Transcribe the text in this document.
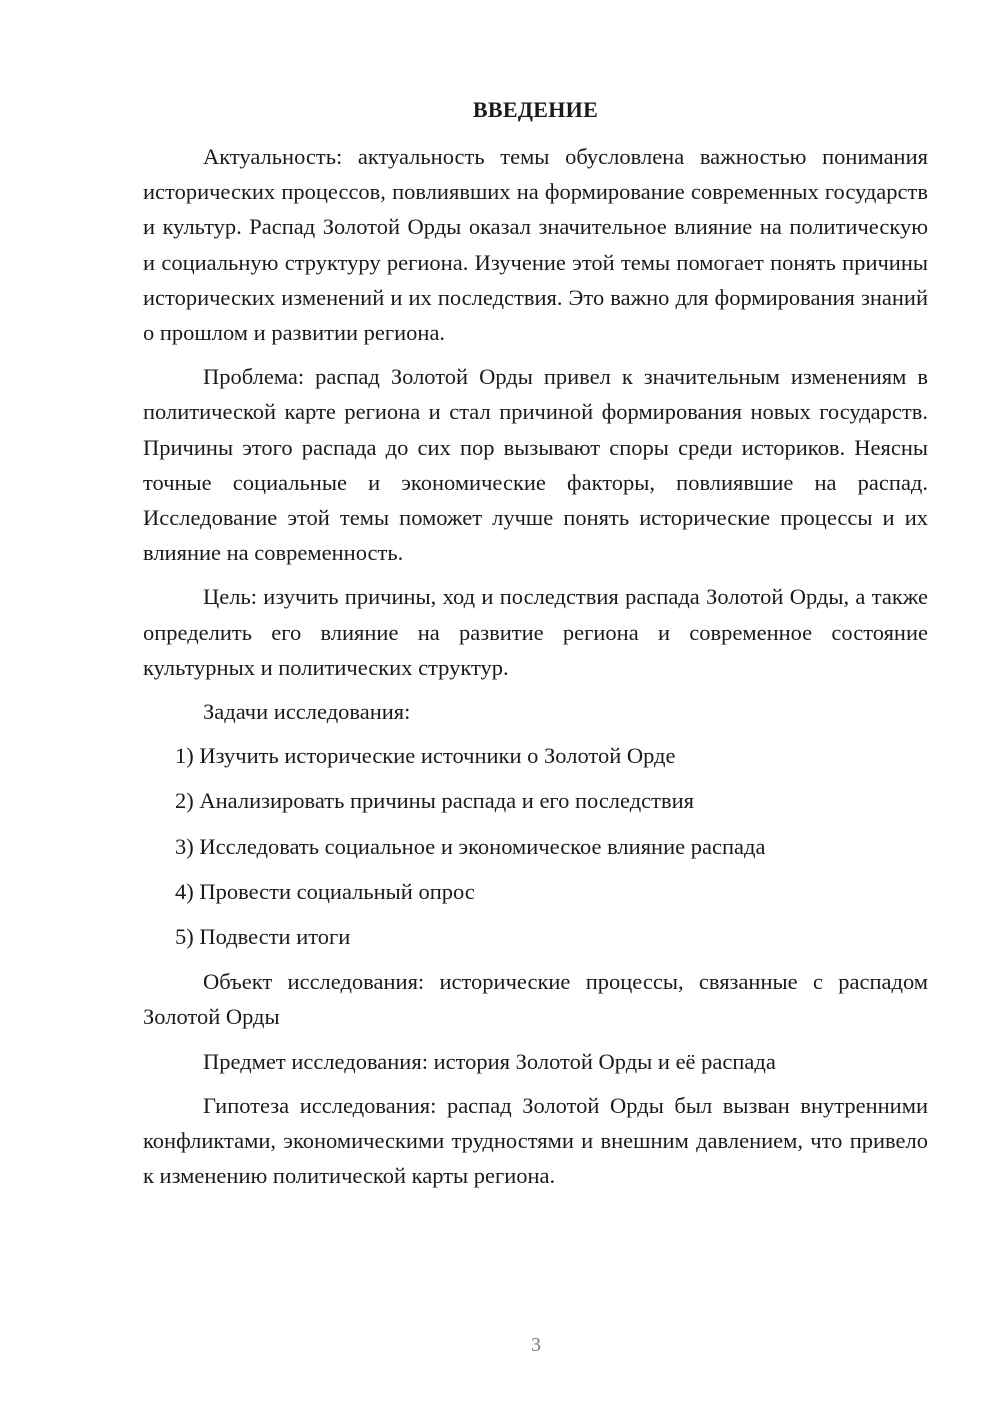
ВВЕДЕНИЕ

Актуальность: актуальность темы обусловлена важностью понимания исторических процессов, повлиявших на формирование современных государств и культур. Распад Золотой Орды оказал значительное влияние на политическую и социальную структуру региона. Изучение этой темы помогает понять причины исторических изменений и их последствия. Это важно для формирования знаний о прошлом и развитии региона.

Проблема: распад Золотой Орды привел к значительным изменениям в политической карте региона и стал причиной формирования новых государств. Причины этого распада до сих пор вызывают споры среди историков. Неясны точные социальные и экономические факторы, повлиявшие на распад. Исследование этой темы поможет лучше понять исторические процессы и их влияние на современность.

Цель: изучить причины, ход и последствия распада Золотой Орды, а также определить его влияние на развитие региона и современное состояние культурных и политических структур.

Задачи исследования:

1) Изучить исторические источники о Золотой Орде
2) Анализировать причины распада и его последствия
3) Исследовать социальное и экономическое влияние распада
4) Провести социальный опрос
5) Подвести итоги

Объект исследования: исторические процессы, связанные с распадом Золотой Орды

Предмет исследования: история Золотой Орды и её распада

Гипотеза исследования: распад Золотой Орды был вызван внутренними конфликтами, экономическими трудностями и внешним давлением, что привело к изменению политической карты региона.

3
